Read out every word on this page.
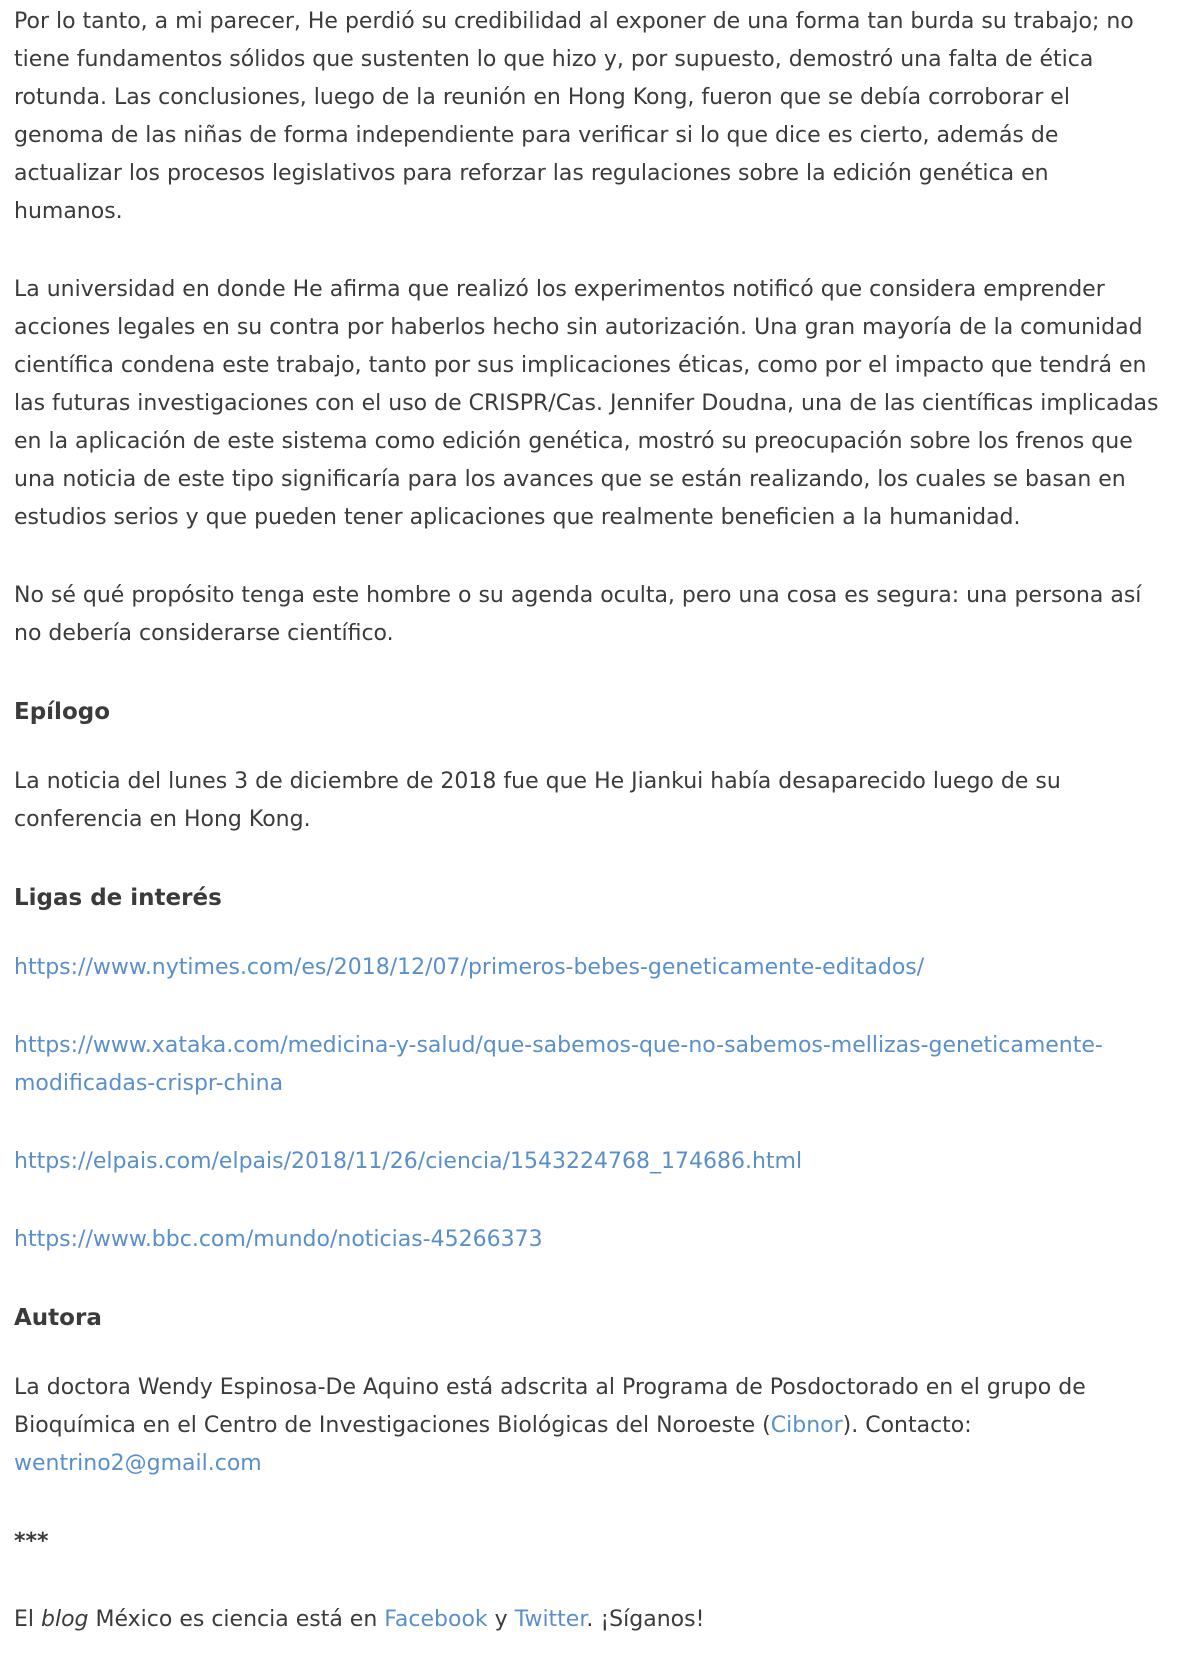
Por lo tanto, a mi parecer, He perdió su credibilidad al exponer de una forma tan burda su trabajo; no tiene fundamentos sólidos que sustenten lo que hizo y, por supuesto, demostró una falta de ética rotunda. Las conclusiones, luego de la reunión en Hong Kong, fueron que se debía corroborar el genoma de las niñas de forma independiente para verificar si lo que dice es cierto, además de actualizar los procesos legislativos para reforzar las regulaciones sobre la edición genética en humanos.

La universidad en donde He afirma que realizó los experimentos notificó que considera emprender acciones legales en su contra por haberlos hecho sin autorización. Una gran mayoría de la comunidad científica condena este trabajo, tanto por sus implicaciones éticas, como por el impacto que tendrá en las futuras investigaciones con el uso de CRISPR/Cas. Jennifer Doudna, una de las científicas implicadas en la aplicación de este sistema como edición genética, mostró su preocupación sobre los frenos que una noticia de este tipo significaría para los avances que se están realizando, los cuales se basan en estudios serios y que pueden tener aplicaciones que realmente beneficien a la humanidad.

No sé qué propósito tenga este hombre o su agenda oculta, pero una cosa es segura: una persona así no debería considerarse científico.

Epílogo

La noticia del lunes 3 de diciembre de 2018 fue que He Jiankui había desaparecido luego de su conferencia en Hong Kong.

Ligas de interés

https://www.nytimes.com/es/2018/12/07/primeros-bebes-geneticamente-editados/

https://www.xataka.com/medicina-y-salud/que-sabemos-que-no-sabemos-mellizas-geneticamente-modificadas-crispr-china

https://elpais.com/elpais/2018/11/26/ciencia/1543224768_174686.html

https://www.bbc.com/mundo/noticias-45266373

Autora

La doctora Wendy Espinosa-De Aquino está adscrita al Programa de Posdoctorado en el grupo de Bioquímica en el Centro de Investigaciones Biológicas del Noroeste (Cibnor). Contacto: wentrino2@gmail.com

***

El blog México es ciencia está en Facebook y Twitter. ¡Síganos!
